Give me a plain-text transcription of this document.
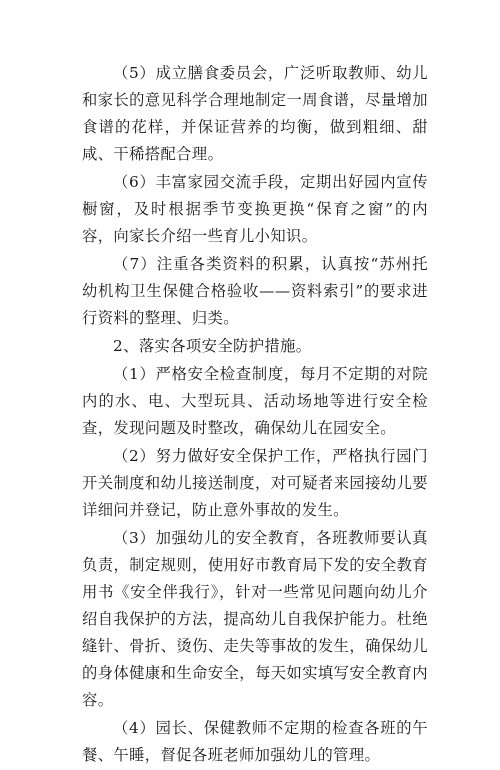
（5）成立膳食委员会，广泛听取教师、幼儿和家长的意见科学合理地制定一周食谱，尽量增加食谱的花样，并保证营养的均衡，做到粗细、甜咸、干稀搭配合理。

（6）丰富家园交流手段，定期出好园内宣传橱窗，及时根据季节变换更换“保育之窗”的内容，向家长介绍一些育儿小知识。

（7）注重各类资料的积累，认真按“苏州托幼机构卫生保健合格验收——资料索引”的要求进行资料的整理、归类。

2、落实各项安全防护措施。

（1）严格安全检查制度，每月不定期的对院内的水、电、大型玩具、活动场地等进行安全检查，发现问题及时整改，确保幼儿在园安全。

（2）努力做好安全保护工作，严格执行园门开关制度和幼儿接送制度，对可疑者来园接幼儿要详细问并登记，防止意外事故的发生。

（3）加强幼儿的安全教育，各班教师要认真负责，制定规则，使用好市教育局下发的安全教育用书《安全伴我行》，针对一些常见问题向幼儿介绍自我保护的方法，提高幼儿自我保护能力。杜绝缝针、骨折、烫伤、走失等事故的发生，确保幼儿的身体健康和生命安全，每天如实填写安全教育内容。

（4）园长、保健教师不定期的检查各班的午餐、午睡，督促各班老师加强幼儿的管理。
